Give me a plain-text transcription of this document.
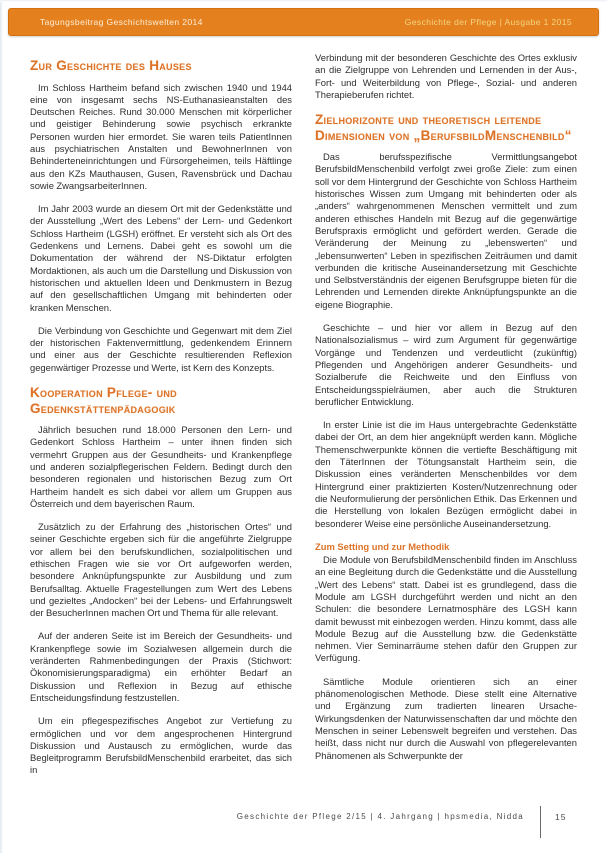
Tagungsbeitrag Geschichtswelten 2014	Geschichte der Pflege | Ausgabe 1 2015
Zur Geschichte des Hauses

Im Schloss Hartheim befand sich zwischen 1940 und 1944 eine von insgesamt sechs NS-Euthanasieanstalten des Deutschen Reiches. Rund 30.000 Menschen mit körperlicher und geistiger Behinderung sowie psychisch erkrankte Personen wurden hier ermordet. Sie waren teils PatientInnen aus psychiatrischen Anstalten und BewohnerInnen von Behinderteneinrichtungen und Fürsorgeheimen, teils Häftlinge aus den KZs Mauthausen, Gusen, Ravensbrück und Dachau sowie ZwangsarbeiterInnen.

Im Jahr 2003 wurde an diesem Ort mit der Gedenkstätte und der Ausstellung „Wert des Lebens“ der Lern- und Gedenkort Schloss Hartheim (LGSH) eröffnet. Er versteht sich als Ort des Gedenkens und Lernens. Dabei geht es sowohl um die Dokumentation der während der NS-Diktatur erfolgten Mordaktionen, als auch um die Darstellung und Diskussion von historischen und aktuellen Ideen und Denkmustern in Bezug auf den gesellschaftlichen Umgang mit behinderten oder kranken Menschen.

Die Verbindung von Geschichte und Gegenwart mit dem Ziel der historischen Faktenvermittlung, gedenkendem Erinnern und einer aus der Geschichte resultierenden Reflexion gegenwärtiger Prozesse und Werte, ist Kern des Konzepts.

Kooperation Pflege- und Gedenkstättenpädagogik

Jährlich besuchen rund 18.000 Personen den Lern- und Gedenkort Schloss Hartheim – unter ihnen finden sich vermehrt Gruppen aus der Gesundheits- und Krankenpflege und anderen sozialpflegerischen Feldern. Bedingt durch den besonderen regionalen und historischen Bezug zum Ort Hartheim handelt es sich dabei vor allem um Gruppen aus Österreich und dem bayerischen Raum.

Zusätzlich zu der Erfahrung des „historischen Ortes“ und seiner Geschichte ergeben sich für die angeführte Zielgruppe vor allem bei den berufskundlichen, sozialpolitischen und ethischen Fragen wie sie vor Ort aufgeworfen werden, besondere Anknüpfungspunkte zur Ausbildung und zum Berufsalltag. Aktuelle Fragestellungen zum Wert des Lebens und gezieltes „Andocken“ bei der Lebens- und Erfahrungswelt der BesucherInnen machen Ort und Thema für alle relevant.

Auf der anderen Seite ist im Bereich der Gesundheits- und Krankenpflege sowie im Sozialwesen allgemein durch die veränderten Rahmenbedingungen der Praxis (Stichwort: Ökonomisierungsparadigma) ein erhöhter Bedarf an Diskussion und Reflexion in Bezug auf ethische Entscheidungsfindung festzustellen.

Um ein pflegespezifisches Angebot zur Vertiefung zu ermöglichen und vor dem angesprochenen Hintergrund Diskussion und Austausch zu ermöglichen, wurde das Begleitprogramm BerufsbildMenschenbild erarbeitet, das sich in

Verbindung mit der besonderen Geschichte des Ortes exklusiv an die Zielgruppe von Lehrenden und Lernenden in der Aus-, Fort- und Weiterbildung von Pflege-, Sozial- und anderen Therapieberufen richtet.

Zielhorizonte und theoretisch leitende Dimensionen von „BerufsbildMenschenbild“

Das berufsspezifische Vermittlungsangebot BerufsbildMenschenbild verfolgt zwei große Ziele: zum einen soll vor dem Hintergrund der Geschichte von Schloss Hartheim historisches Wissen zum Umgang mit behinderten oder als „anders“ wahrgenommenen Menschen vermittelt und zum anderen ethisches Handeln mit Bezug auf die gegenwärtige Berufspraxis ermöglicht und gefördert werden. Gerade die Veränderung der Meinung zu „lebenswerten“ und „lebensunwerten“ Leben in spezifischen Zeiträumen und damit verbunden die kritische Auseinandersetzung mit Geschichte und Selbstverständnis der eigenen Berufsgruppe bieten für die Lehrenden und Lernenden direkte Anknüpfungspunkte an die eigene Biographie.

Geschichte – und hier vor allem in Bezug auf den Nationalsozialismus – wird zum Argument für gegenwärtige Vorgänge und Tendenzen und verdeutlicht (zukünftig) Pflegenden und Angehörigen anderer Gesundheits- und Sozialberufe die Reichweite und den Einfluss von Entscheidungsspielräumen, aber auch die Strukturen beruflicher Entwicklung.

In erster Linie ist die im Haus untergebrachte Gedenkstätte dabei der Ort, an dem hier angeknüpft werden kann. Mögliche Themenschwerpunkte können die vertiefte Beschäftigung mit den TäterInnen der Tötungsanstalt Hartheim sein, die Diskussion eines veränderten Menschenbildes vor dem Hintergrund einer praktizierten Kosten/Nutzenrechnung oder die Neuformulierung der persönlichen Ethik. Das Erkennen und die Herstellung von lokalen Bezügen ermöglicht dabei in besonderer Weise eine persönliche Auseinandersetzung.

Zum Setting und zur Methodik

Die Module von BerufsbildMenschenbild finden im Anschluss an eine Begleitung durch die Gedenkstätte und die Ausstellung „Wert des Lebens“ statt. Dabei ist es grundlegend, dass die Module am LGSH durchgeführt werden und nicht an den Schulen: die besondere Lernatmosphäre des LGSH kann damit bewusst mit einbezogen werden. Hinzu kommt, dass alle Module Bezug auf die Ausstellung bzw. die Gedenkstätte nehmen. Vier Seminarräume stehen dafür den Gruppen zur Verfügung.

Sämtliche Module orientieren sich an einer phänomenologischen Methode. Diese stellt eine Alternative und Ergänzung zum tradierten linearen Ursache-Wirkungsdenken der Naturwissenschaften dar und möchte den Menschen in seiner Lebenswelt begreifen und verstehen. Das heißt, dass nicht nur durch die Auswahl von pflegerelevanten Phänomenen als Schwerpunkte der

Geschichte der Pflege 2/15 | 4. Jahrgang | hpsmedia, Nidda	15
